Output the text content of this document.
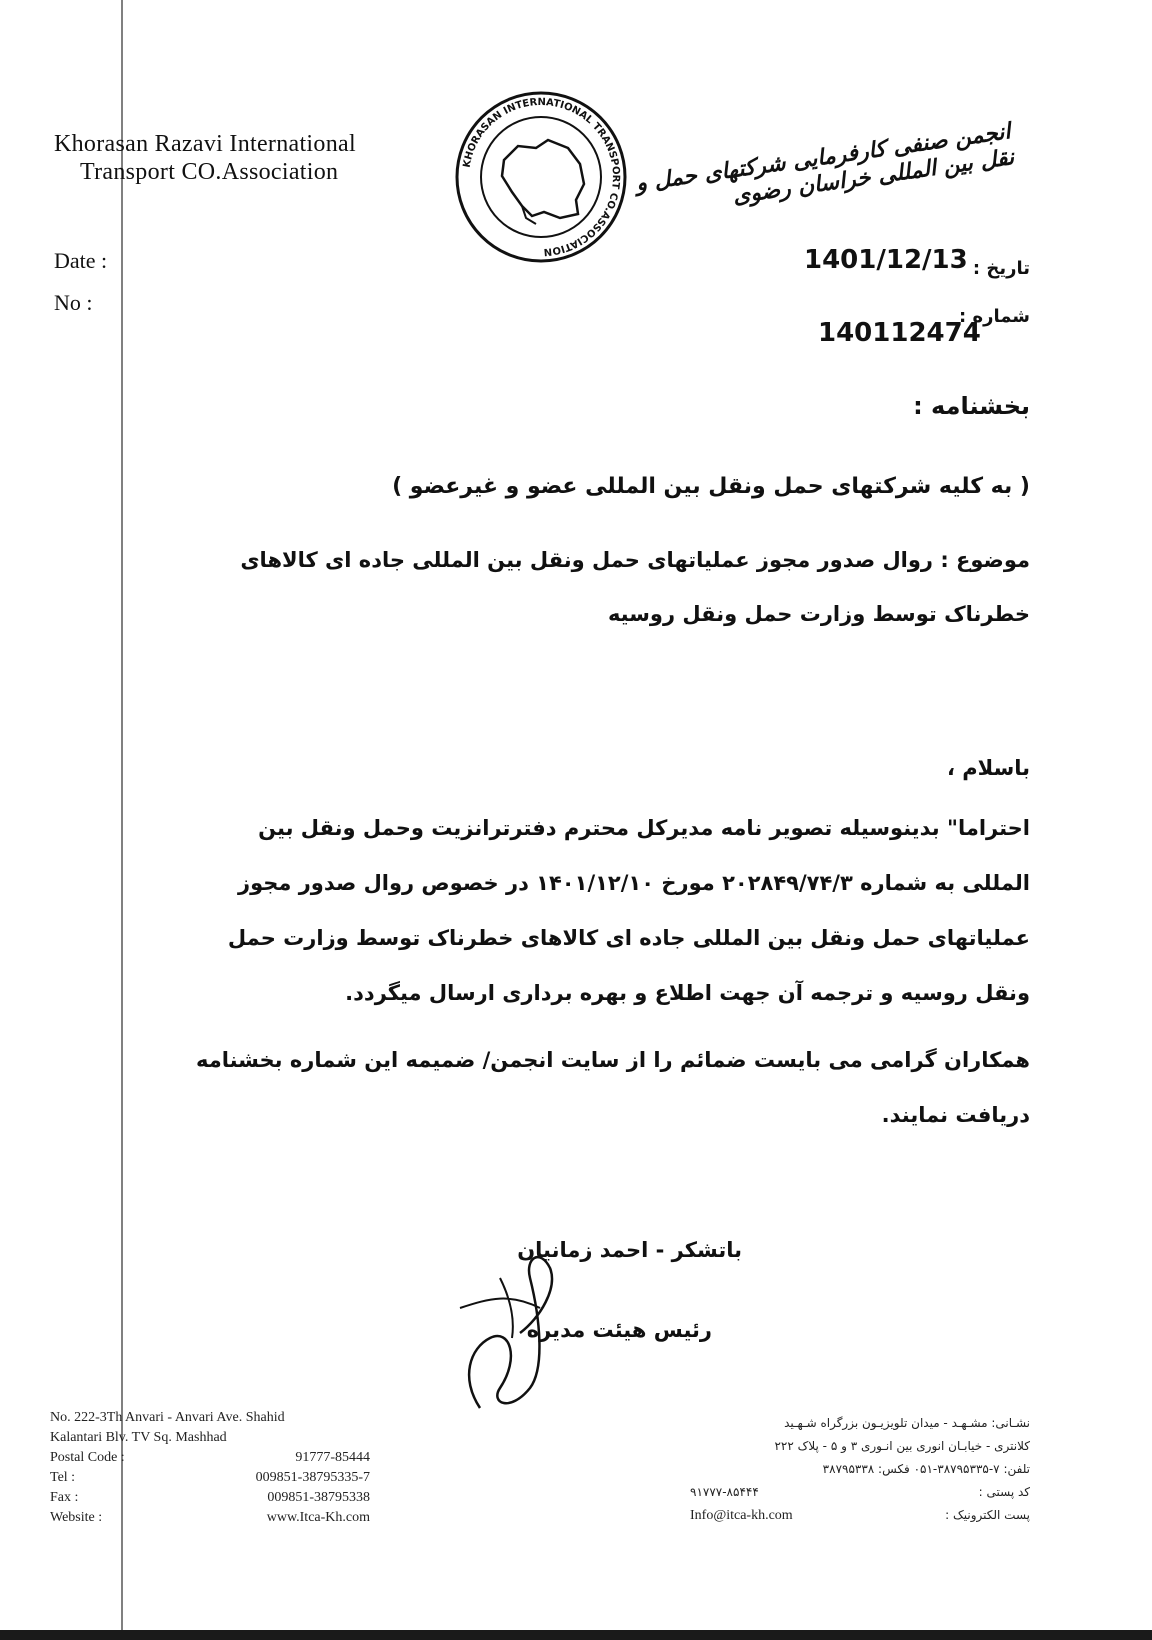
Khorasan Razavi International
Transport CO.Association	KHORASAN INTERNATIONAL TRANSPORT CO.ASSOCIATION
انجمن صنفی کارفرمایی شرکتهای حمل و نقل بین المللی خراسان رضوی
Date :
No :
تاریخ :
1401/12/13
شماره :
140112474
بخشنامه :
( به کلیه شرکتهای حمل ونقل بین المللی عضو و غیرعضو )
موضوع : روال صدور مجوز عملیاتهای حمل ونقل بین المللی جاده ای کالاهای
خطرناک توسط وزارت حمل ونقل روسیه
باسلام ،
احتراما" بدینوسیله تصویر نامه مدیرکل محترم دفترترانزیت وحمل ونقل بین
المللی به شماره ۲۰۲۸۴۹/۷۴/۳ مورخ ۱۴۰۱/۱۲/۱۰ در خصوص روال صدور مجوز
عملیاتهای حمل ونقل بین المللی جاده ای کالاهای خطرناک توسط وزارت حمل
ونقل روسیه و ترجمه آن جهت اطلاع و بهره برداری ارسال میگردد.
همکاران گرامی می بایست ضمائم را از سایت انجمن/ ضمیمه این شماره بخشنامه
دریافت نمایند.
باتشکر - احمد زمانیان
رئیس هیئت مدیره
No. 222-3Th Anvari - Anvari Ave. Shahid
Kalantari Blv. TV Sq. Mashhad
Postal Code :	91777-85444
Tel :	009851-38795335-7
Fax :	009851-38795338
Website :	www.Itca-Kh.com
نشـانی: مشـهـد - میدان تلویزیـون بزرگراه شـهـید
کلانتری - خیابـان انوری بین انـوری ۳ و ۵ - پلاک ۲۲۲
تلفن: ۷-۳۸۷۹۵۳۳۵-۰۵۱ فکس: ۳۸۷۹۵۳۳۸
کد پستی :
۹۱۷۷۷-۸۵۴۴۴
پست الکترونیک :
Info@itca-kh.com
